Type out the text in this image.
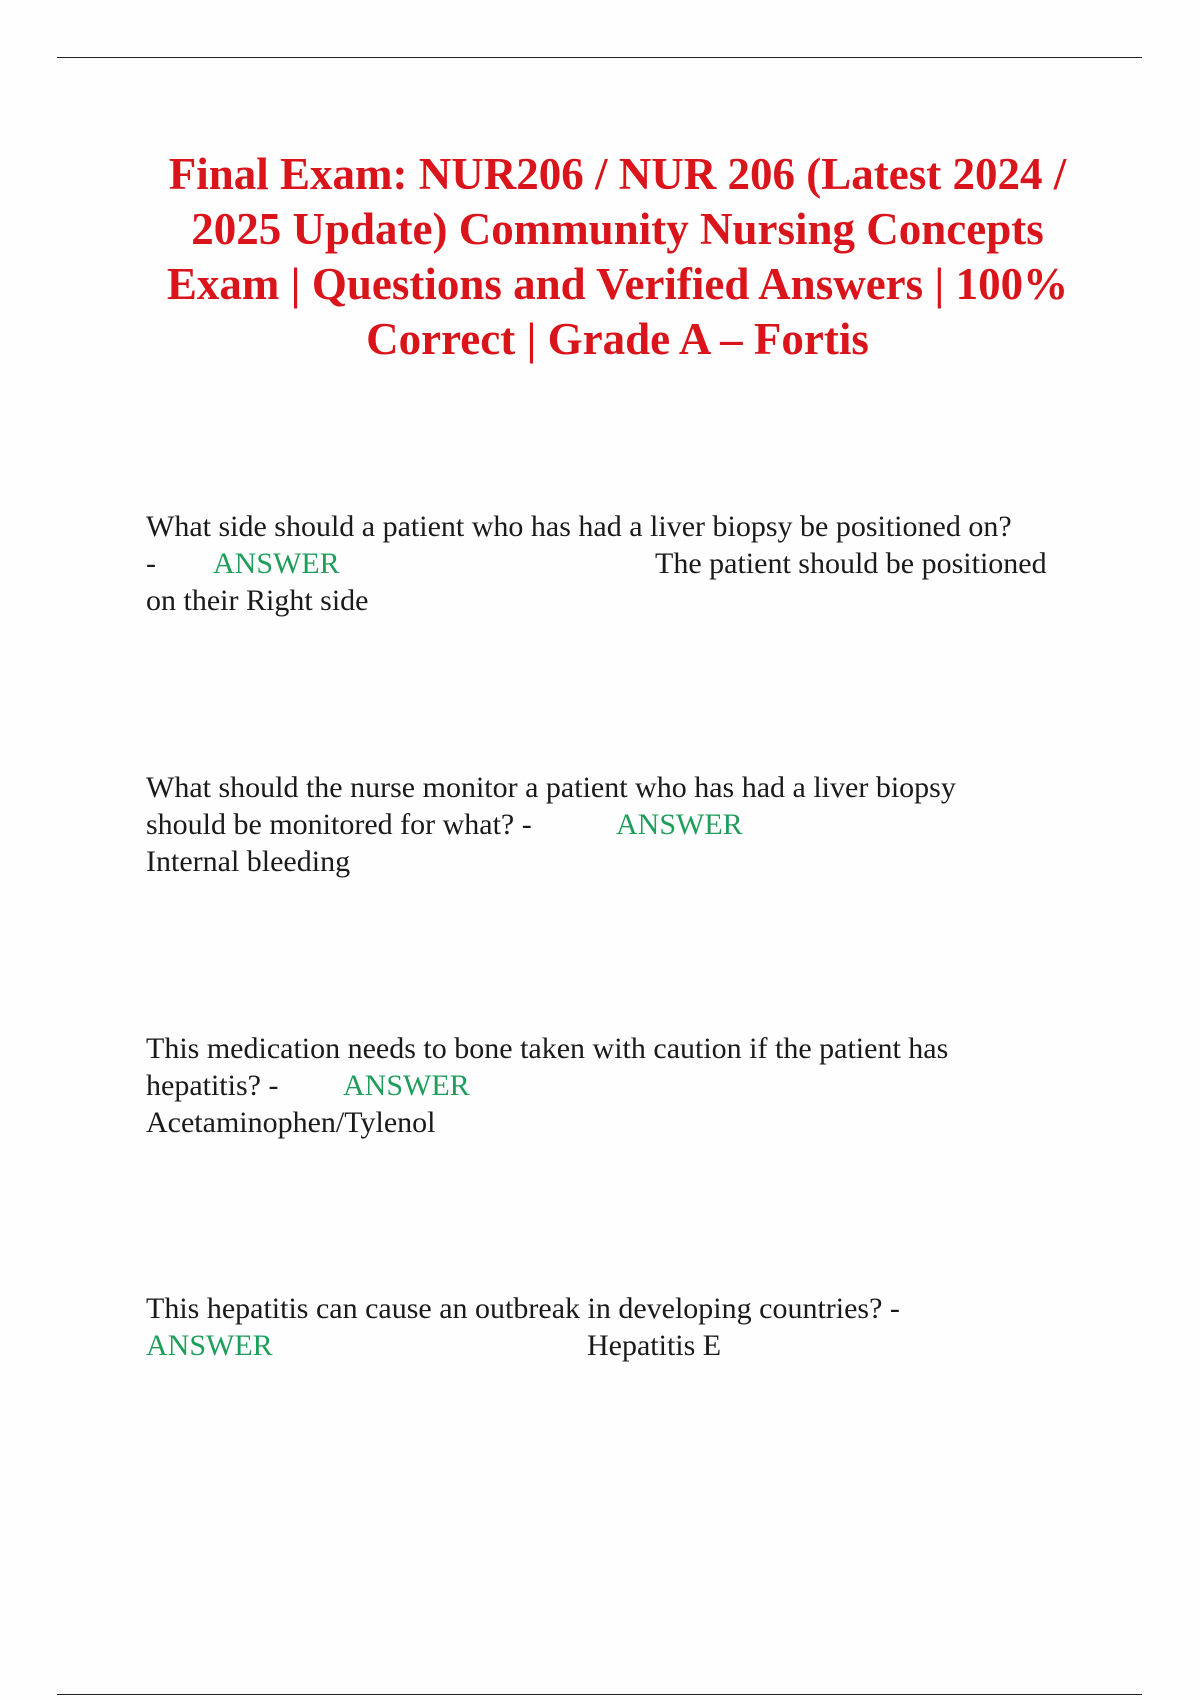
Final Exam: NUR206 / NUR 206 (Latest 2024 / 2025 Update) Community Nursing Concepts Exam | Questions and Verified Answers | 100% Correct | Grade A – Fortis
What side should a patient who has had a liver biopsy be positioned on?
- ANSWER	The patient should be positioned
on their Right side
What should the nurse monitor a patient who has had a liver biopsy
should be monitored for what? -	ANSWER
Internal bleeding
This medication needs to bone taken with caution if the patient has
hepatitis? - ANSWER
Acetaminophen/Tylenol
This hepatitis can cause an outbreak in developing countries? -
ANSWER	Hepatitis E
